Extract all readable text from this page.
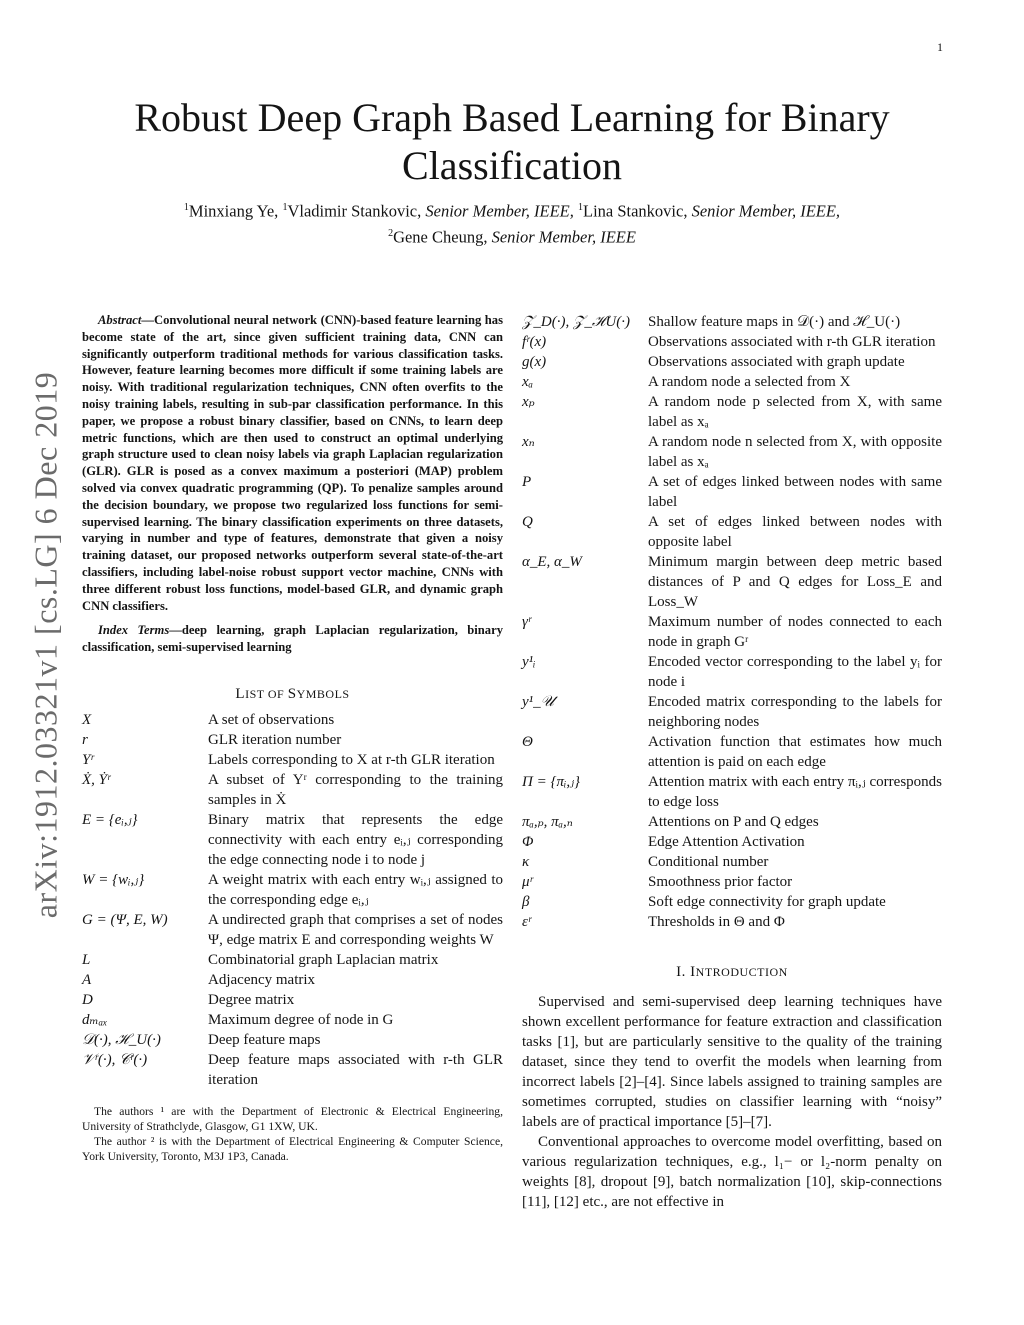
1
Robust Deep Graph Based Learning for Binary Classification
$^1$Minxiang Ye, $^1$Vladimir Stankovic, Senior Member, IEEE, $^1$Lina Stankovic, Senior Member, IEEE,
$^2$Gene Cheung, Senior Member, IEEE
arXiv:1912.03321v1 [cs.LG] 6 Dec 2019
Abstract—Convolutional neural network (CNN)-based feature learning has become state of the art, since given sufficient training data, CNN can significantly outperform traditional methods for various classification tasks. However, feature learning becomes more difficult if some training labels are noisy. With traditional regularization techniques, CNN often overfits to the noisy training labels, resulting in sub-par classification performance. In this paper, we propose a robust binary classifier, based on CNNs, to learn deep metric functions, which are then used to construct an optimal underlying graph structure used to clean noisy labels via graph Laplacian regularization (GLR). GLR is posed as a convex maximum a posteriori (MAP) problem solved via convex quadratic programming (QP). To penalize samples around the decision boundary, we propose two regularized loss functions for semi-supervised learning. The binary classification experiments on three datasets, varying in number and type of features, demonstrate that given a noisy training dataset, our proposed networks outperform several state-of-the-art classifiers, including label-noise robust support vector machine, CNNs with three different robust loss functions, model-based GLR, and dynamic graph CNN classifiers.
Index Terms—deep learning, graph Laplacian regularization, binary classification, semi-supervised learning
LIST OF SYMBOLS
X	A set of observations
r	GLR iteration number
Yʳ	Labels corresponding to X at r-th GLR iteration
Ẋ, Ẏʳ	A subset of Yʳ corresponding to the training samples in Ẋ
E = {eᵢ,ⱼ}	Binary matrix that represents the edge connectivity with each entry eᵢ,ⱼ corresponding the edge connecting node i to node j
W = {wᵢ,ⱼ}	A weight matrix with each entry wᵢ,ⱼ assigned to the corresponding edge eᵢ,ⱼ
G = (Ψ, E, W)	A undirected graph that comprises a set of nodes Ψ, edge matrix E and corresponding weights W
L	Combinatorial graph Laplacian matrix
A	Adjacency matrix
D	Degree matrix
dₘₐₓ	Maximum degree of node in G
𝒟(·), ℋ_U(·)	Deep feature maps
𝒱ʳ(·), 𝒞ʳ(·)	Deep feature maps associated with r-th GLR iteration

The authors ¹ are with the Department of Electronic & Electrical Engineering, University of Strathclyde, Glasgow, G1 1XW, UK.

The author ² is with the Department of Electrical Engineering & Computer Science, York University, Toronto, M3J 1P3, Canada.

𝒵_D(·), 𝒵_ℋU(·)	Shallow feature maps in 𝒟(·) and ℋ_U(·)
fʳ(x)	Observations associated with r-th GLR iteration
g(x)	Observations associated with graph update
xₐ	A random node a selected from X
xₚ	A random node p selected from X, with same label as xₐ
xₙ	A random node n selected from X, with opposite label as xₐ
P	A set of edges linked between nodes with same label
Q	A set of edges linked between nodes with opposite label
α_E, α_W	Minimum margin between deep metric based distances of P and Q edges for Loss_E and Loss_W
γʳ	Maximum number of nodes connected to each node in graph Gʳ
y¹ᵢ	Encoded vector corresponding to the label yᵢ for node i
y¹_𝒰	Encoded matrix corresponding to the labels for neighboring nodes
Θ	Activation function that estimates how much attention is paid on each edge
Π = {πᵢ,ⱼ}	Attention matrix with each entry πᵢ,ⱼ corresponds to edge loss
πₐ,ₚ, πₐ,ₙ	Attentions on P and Q edges
Φ	Edge Attention Activation
κ	Conditional number
μʳ	Smoothness prior factor
β	Soft edge connectivity for graph update
εʳ	Thresholds in Θ and Φ
I. INTRODUCTION

Supervised and semi-supervised deep learning techniques have shown excellent performance for feature extraction and classification tasks [1], but are particularly sensitive to the quality of the training dataset, since they tend to overfit the models when learning from incorrect labels [2]–[4]. Since labels assigned to training samples are sometimes corrupted, studies on classifier learning with “noisy” labels are of practical importance [5]–[7].

Conventional approaches to overcome model overfitting, based on various regularization techniques, e.g., l₁− or l₂-norm penalty on weights [8], dropout [9], batch normalization [10], skip-connections [11], [12] etc., are not effective in
